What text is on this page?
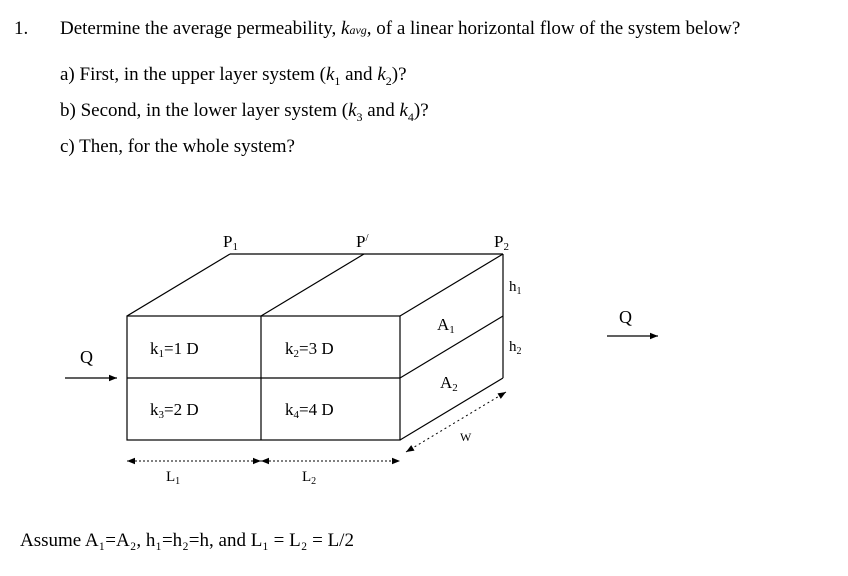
1. Determine the average permeability, kavg, of a linear horizontal flow of the system below?
a) First, in the upper layer system ($k_1$ and $k_2$)?
b) Second, in the lower layer system ($k_3$ and $k_4$)?
c) Then, for the whole system?
P1	P/	P2
k1=1 D	k2=3 D
k3=2 D	k4=4 D
A1
A2
$h_1$
$h_2$
W
$L_1$	$L_2$
Q
Q
Assume A₁=A₂, h₁=h₂=h, and L₁ = L₂ = L/2
